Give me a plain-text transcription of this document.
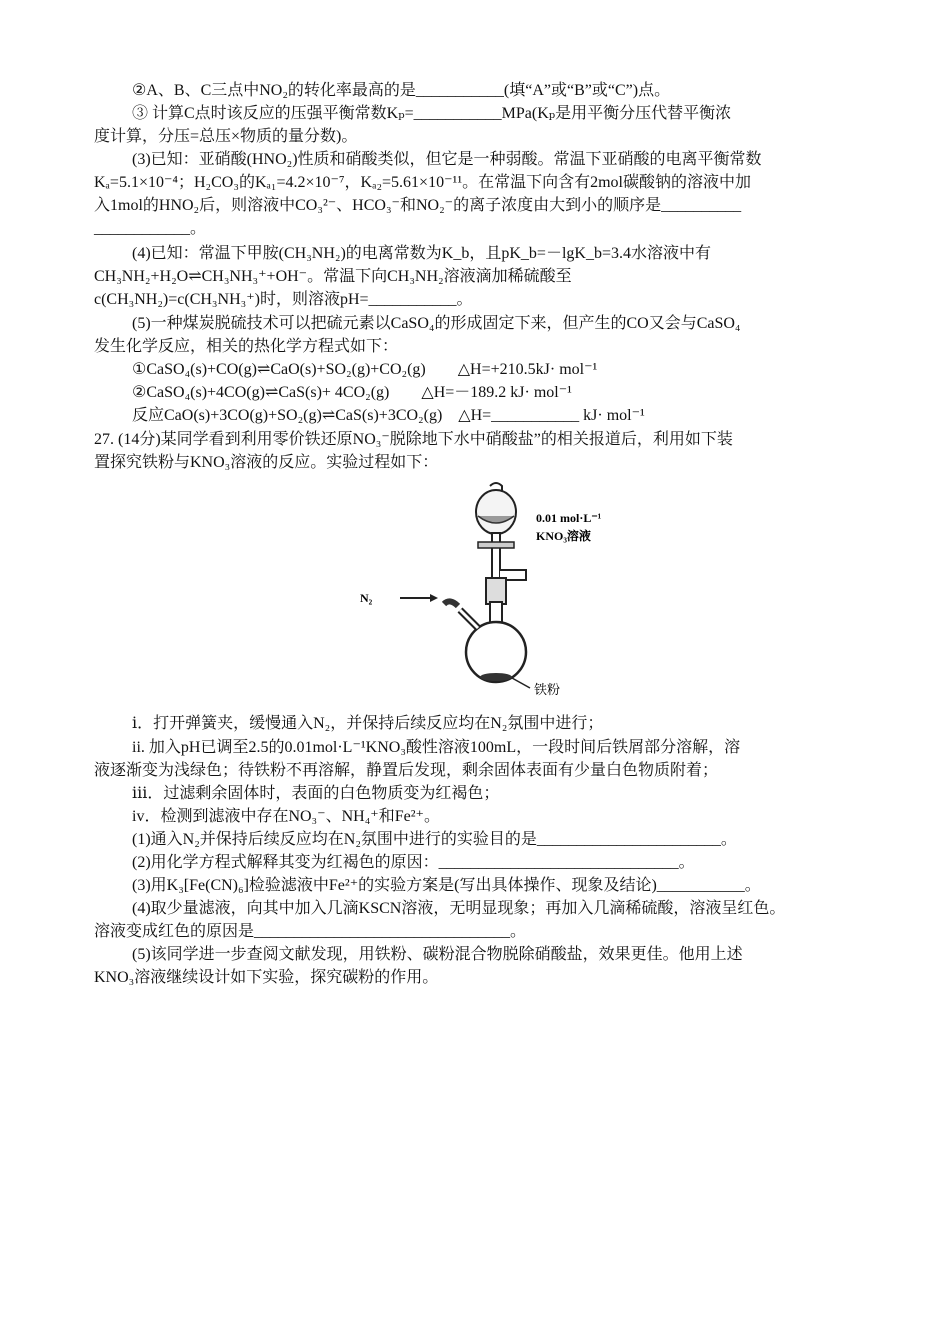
②A、B、C三点中NO₂的转化率最高的是___________(填“A”或“B”或“C”)点。
③ 计算C点时该反应的压强平衡常数Kₚ=___________MPa(Kₚ是用平衡分压代替平衡浓
度计算，分压=总压×物质的量分数)。
(3)已知：亚硝酸(HNO₂)性质和硝酸类似，但它是一种弱酸。常温下亚硝酸的电离平衡常数
Kₐ=5.1×10⁻⁴；H₂CO₃的Kₐ₁=4.2×10⁻⁷，Kₐ₂=5.61×10⁻¹¹。在常温下向含有2mol碳酸钠的溶液中加
入1mol的HNO₂后，则溶液中CO₃²⁻、HCO₃⁻和NO₂⁻的离子浓度由大到小的顺序是__________
____________。
(4)已知：常温下甲胺(CH₃NH₂)的电离常数为K_b，且pK_b=－lgK_b=3.4水溶液中有
CH₃NH₂+H₂O⇌CH₃NH₃⁺+OH⁻。常温下向CH₃NH₂溶液滴加稀硫酸至
c(CH₃NH₂)=c(CH₃NH₃⁺)时，则溶液pH=___________。
(5)一种煤炭脱硫技术可以把硫元素以CaSO₄的形成固定下来，但产生的CO又会与CaSO₄
发生化学反应，相关的热化学方程式如下：
①CaSO₄(s)+CO(g)⇌CaO(s)+SO₂(g)+CO₂(g)　　△H=+210.5kJ· mol⁻¹
②CaSO₄(s)+4CO(g)⇌CaS(s)+ 4CO₂(g)　　△H=－189.2 kJ· mol⁻¹
反应CaO(s)+3CO(g)+SO₂(g)⇌CaS(s)+3CO₂(g)　△H=___________ kJ· mol⁻¹
27. (14分)某同学看到利用零价铁还原NO₃⁻脱除地下水中硝酸盐”的相关报道后，利用如下装
置探究铁粉与KNO₃溶液的反应。实验过程如下：
0.01 mol·L⁻¹
KNO₃溶液
N₂
铁粉
ⅰ．打开弹簧夹，缓慢通入N₂，并保持后续反应均在N₂氛围中进行；
ii. 加入pH已调至2.5的0.01mol·L⁻¹KNO₃酸性溶液100mL，一段时间后铁屑部分溶解，溶
液逐渐变为浅绿色；待铁粉不再溶解，静置后发现，剩余固体表面有少量白色物质附着；
ⅲ．过滤剩余固体时，表面的白色物质变为红褐色；
iv．检测到滤液中存在NO₃⁻、NH₄⁺和Fe²⁺。
(1)通入N₂并保持后续反应均在N₂氛围中进行的实验目的是_______________________。
(2)用化学方程式解释其变为红褐色的原因：______________________________。
(3)用K₃[Fe(CN)₆]检验滤液中Fe²⁺的实验方案是(写出具体操作、现象及结论)___________。
(4)取少量滤液，向其中加入几滴KSCN溶液，无明显现象；再加入几滴稀硫酸，溶液呈红色。
溶液变成红色的原因是________________________________。
(5)该同学进一步查阅文献发现，用铁粉、碳粉混合物脱除硝酸盐，效果更佳。他用上述
KNO₃溶液继续设计如下实验，探究碳粉的作用。
